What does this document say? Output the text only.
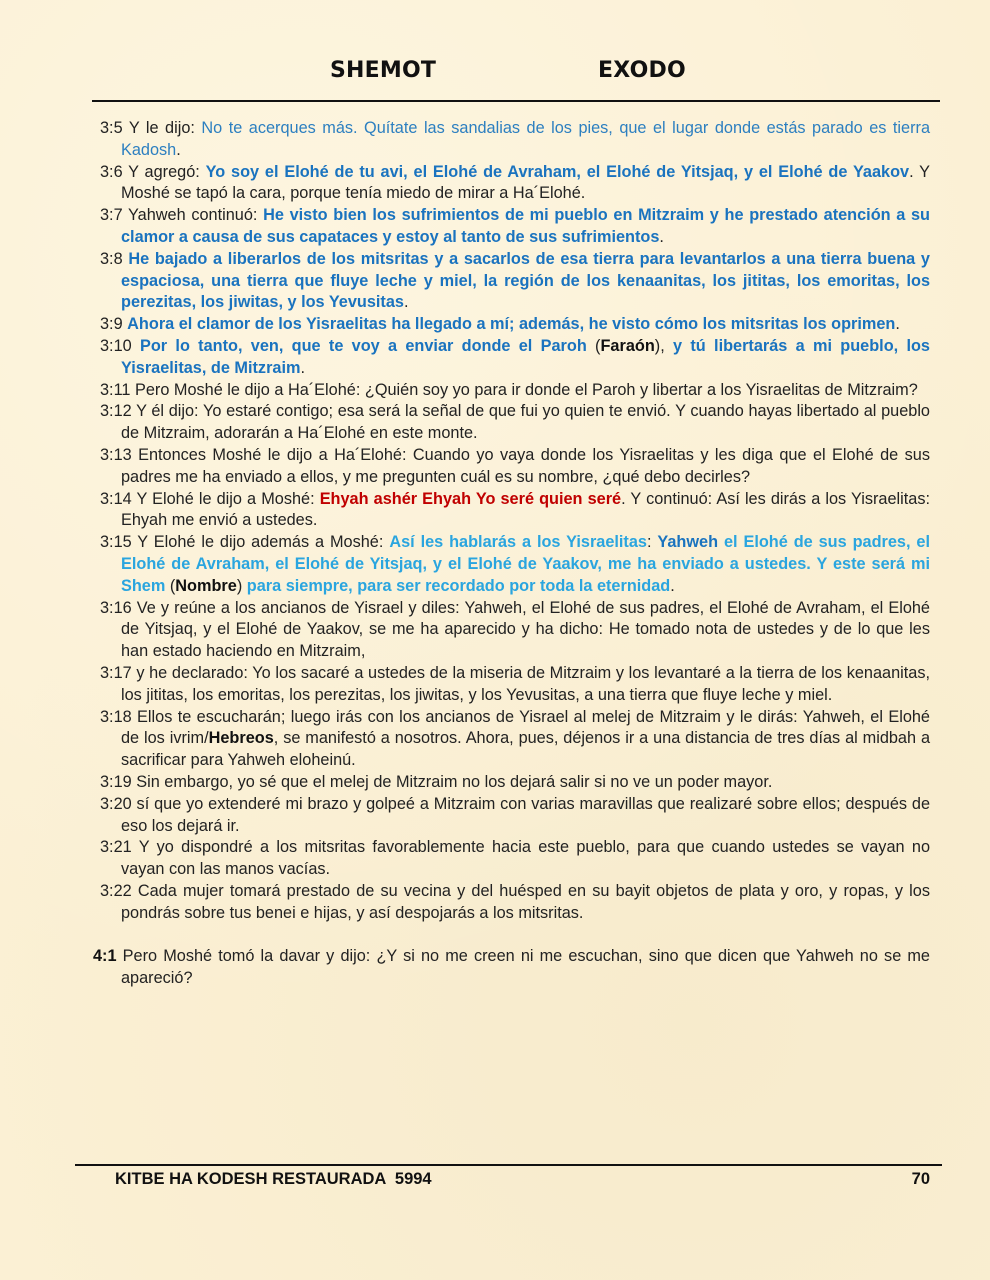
SHEMOT	EXODO

3:5 Y le dijo: No te acerques más. Quítate las sandalias de los pies, que el lugar donde estás parado es tierra Kadosh.

3:6 Y agregó: Yo soy el Elohé de tu avi, el Elohé de Avraham, el Elohé de Yitsjaq, y el Elohé de Yaakov. Y Moshé se tapó la cara, porque tenía miedo de mirar a Ha´Elohé.

3:7 Yahweh continuó: He visto bien los sufrimientos de mi pueblo en Mitzraim y he prestado atención a su clamor a causa de sus capataces y estoy al tanto de sus sufrimientos.

3:8 He bajado a liberarlos de los mitsritas y a sacarlos de esa tierra para levantarlos a una tierra buena y espaciosa, una tierra que fluye leche y miel, la región de los kenaanitas, los jititas, los emoritas, los perezitas, los jiwitas, y los Yevusitas.

3:9 Ahora el clamor de los Yisraelitas ha llegado a mí; además, he visto cómo los mitsritas los oprimen.

3:10 Por lo tanto, ven, que te voy a enviar donde el Paroh (Faraón), y tú libertarás a mi pueblo, los Yisraelitas, de Mitzraim.

3:11 Pero Moshé le dijo a Ha´Elohé: ¿Quién soy yo para ir donde el Paroh y libertar a los Yisraelitas de Mitzraim?

3:12 Y él dijo: Yo estaré contigo; esa será la señal de que fui yo quien te envió. Y cuando hayas libertado al pueblo de Mitzraim, adorarán a Ha´Elohé en este monte.

3:13 Entonces Moshé le dijo a Ha´Elohé: Cuando yo vaya donde los Yisraelitas y les diga que el Elohé de sus padres me ha enviado a ellos, y me pregunten cuál es su nombre, ¿qué debo decirles?

3:14 Y Elohé le dijo a Moshé: Ehyah ashér Ehyah Yo seré quien seré. Y continuó: Así les dirás a los Yisraelitas: Ehyah me envió a ustedes.

3:15 Y Elohé le dijo además a Moshé: Así les hablarás a los Yisraelitas: Yahweh el Elohé de sus padres, el Elohé de Avraham, el Elohé de Yitsjaq, y el Elohé de Yaakov, me ha enviado a ustedes. Y este será mi Shem (Nombre) para siempre, para ser recordado por toda la eternidad.

3:16 Ve y reúne a los ancianos de Yisrael y diles: Yahweh, el Elohé de sus padres, el Elohé de Avraham, el Elohé de Yitsjaq, y el Elohé de Yaakov, se me ha aparecido y ha dicho: He tomado nota de ustedes y de lo que les han estado haciendo en Mitzraim,

3:17 y he declarado: Yo los sacaré a ustedes de la miseria de Mitzraim y los levantaré a la tierra de los kenaanitas, los jititas, los emoritas, los perezitas, los jiwitas, y los Yevusitas, a una tierra que fluye leche y miel.

3:18 Ellos te escucharán; luego irás con los ancianos de Yisrael al melej de Mitzraim y le dirás: Yahweh, el Elohé de los ivrim/Hebreos, se manifestó a nosotros. Ahora, pues, déjenos ir a una distancia de tres días al midbah a sacrificar para Yahweh eloheinú.

3:19 Sin embargo, yo sé que el melej de Mitzraim no los dejará salir si no ve un poder mayor.

3:20 sí que yo extenderé mi brazo y golpeé a Mitzraim con varias maravillas que realizaré sobre ellos; después de eso los dejará ir.

3:21 Y yo dispondré a los mitsritas favorablemente hacia este pueblo, para que cuando ustedes se vayan no vayan con las manos vacías.

3:22 Cada mujer tomará prestado de su vecina y del huésped en su bayit objetos de plata y oro, y ropas, y los pondrás sobre tus benei e hijas, y así despojarás a los mitsritas.

4:1 Pero Moshé tomó la davar y dijo: ¿Y si no me creen ni me escuchan, sino que dicen que Yahweh no se me apareció?

KITBE HA KODESH RESTAURADA  5994	70
